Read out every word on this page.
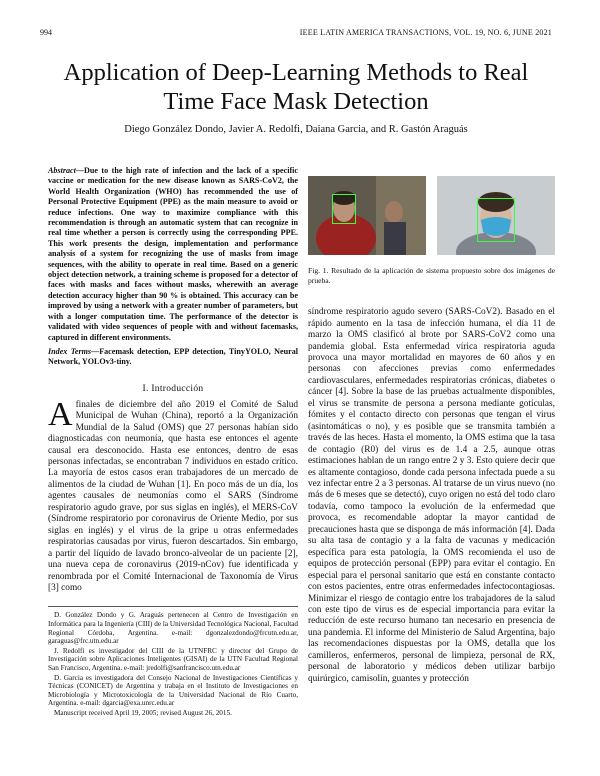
994	IEEE LATIN AMERICA TRANSACTIONS, VOL. 19, NO. 6, JUNE 2021
Application of Deep-Learning Methods to Real
Time Face Mask Detection
Diego González Dondo, Javier A. Redolfi, Daiana Garcia, and R. Gastón Araguás

Abstract—Due to the high rate of infection and the lack of a specific vaccine or medication for the new disease known as SARS-CoV2, the World Health Organization (WHO) has recommended the use of Personal Protective Equipment (PPE) as the main measure to avoid or reduce infections. One way to maximize compliance with this recommendation is through an automatic system that can recognize in real time whether a person is correctly using the corresponding PPE. This work presents the design, implementation and performance analysis of a system for recognizing the use of masks from image sequences, with the ability to operate in real time. Based on a generic object detection network, a training scheme is proposed for a detector of faces with masks and faces without masks, wherewith an average detection accuracy higher than 90 % is obtained. This accuracy can be improved by using a network with a greater number of parameters, but with a longer computation time. The performance of the detector is validated with video sequences of people with and without facemasks, captured in different environments.

Index Terms—Facemask detection, EPP detection, TinyYOLO, Neural Network, YOLOv3-tiny.

I. Introducción

Afinales de diciembre del año 2019 el Comité de Salud Municipal de Wuhan (China), reportó a la Organización Mundial de la Salud (OMS) que 27 personas habían sido diagnosticadas con neumonía, que hasta ese entonces el agente causal era desconocido. Hasta ese entonces, dentro de esas personas infectadas, se encontraban 7 individuos en estado crítico. La mayoría de estos casos eran trabajadores de un mercado de alimentos de la ciudad de Wuhan [1]. En poco más de un día, los agentes causales de neumonías como el SARS (Síndrome respiratorio agudo grave, por sus siglas en inglés), el MERS-CoV (Síndrome respiratorio por coronavirus de Oriente Medio, por sus siglas en inglés) y el virus de la gripe u otras enfermedades respiratorias causadas por virus, fueron descartados. Sin embargo, a partir del líquido de lavado bronco-alveolar de un paciente [2], una nueva cepa de coronavirus (2019-nCov) fue identificada y renombrada por el Comité Internacional de Taxonomía de Virus [3] como

D. González Dondo y G. Araguás pertenecen al Centro de Investigación en Informática para la Ingeniería (CIII) de la Universidad Tecnológica Nacional, Facultad Regional Córdoba, Argentina. e-mail: dgonzalezdondo@frcutn.edu.ar, garaguas@frc.utn.edu.ar

J. Redolfi es investigador del CIII de la UTNFRC y director del Grupo de Investigación sobre Aplicaciones Inteligentes (GISAI) de la UTN Facultad Regional San Francisco, Argentina. e-mail: jredolfi@sanfrancisco.utn.edu.ar

D. Garcia es investigadora del Consejo Nacional de Investigaciones Científicas y Técnicas (CONICET) de Argentina y trabaja en el Instituto de Investigaciones en Microbiología y Microtoxicología de la Universidad Nacional de Río Cuarto, Argentina. e-mail: dgarcia@exa.unrc.edu.ar

Manuscript received April 19, 2005; revised August 26, 2015.

Fig. 1. Resultado de la aplicación de sistema propuesto sobre dos imágenes de prueba.

síndrome respiratorio agudo severo (SARS-CoV2). Basado en el rápido aumento en la tasa de infección humana, el día 11 de marzo la OMS clasificó al brote por SARS-CoV2 como una pandemia global. Esta enfermedad vírica respiratoria aguda provoca una mayor mortalidad en mayores de 60 años y en personas con afecciones previas como enfermedades cardiovasculares, enfermedades respiratorias crónicas, diabetes o cáncer [4]. Sobre la base de las pruebas actualmente disponibles, el virus se transmite de persona a persona mediante gotículas, fómites y el contacto directo con personas que tengan el virus (asintomáticas o no), y es posible que se transmita también a través de las heces. Hasta el momento, la OMS estima que la tasa de contagio (R0) del virus es de 1.4 a 2.5, aunque otras estimaciones hablan de un rango entre 2 y 3. Esto quiere decir que es altamente contagioso, donde cada persona infectada puede a su vez infectar entre 2 a 3 personas. Al tratarse de un virus nuevo (no más de 6 meses que se detectó), cuyo origen no está del todo claro todavía, como tampoco la evolución de la enfermedad que provoca, es recomendable adoptar la mayor cantidad de precauciones hasta que se disponga de más información [4]. Dada su alta tasa de contagio y a la falta de vacunas y medicación específica para esta patología, la OMS recomienda el uso de equipos de protección personal (EPP) para evitar el contagio. En especial para el personal sanitario que está en constante contacto con estos pacientes, entre otras enfermedades infectocontagiosas. Minimizar el riesgo de contagio entre los trabajadores de la salud con este tipo de virus es de especial importancia para evitar la reducción de este recurso humano tan necesario en presencia de una pandemia. El informe del Ministerio de Salud Argentina, bajo las recomendaciones dispuestas por la OMS, detalla que los camilleros, enfermeros, personal de limpieza, personal de RX, personal de laboratorio y médicos deben utilizar barbijo quirúrgico, camisolín, guantes y protección
